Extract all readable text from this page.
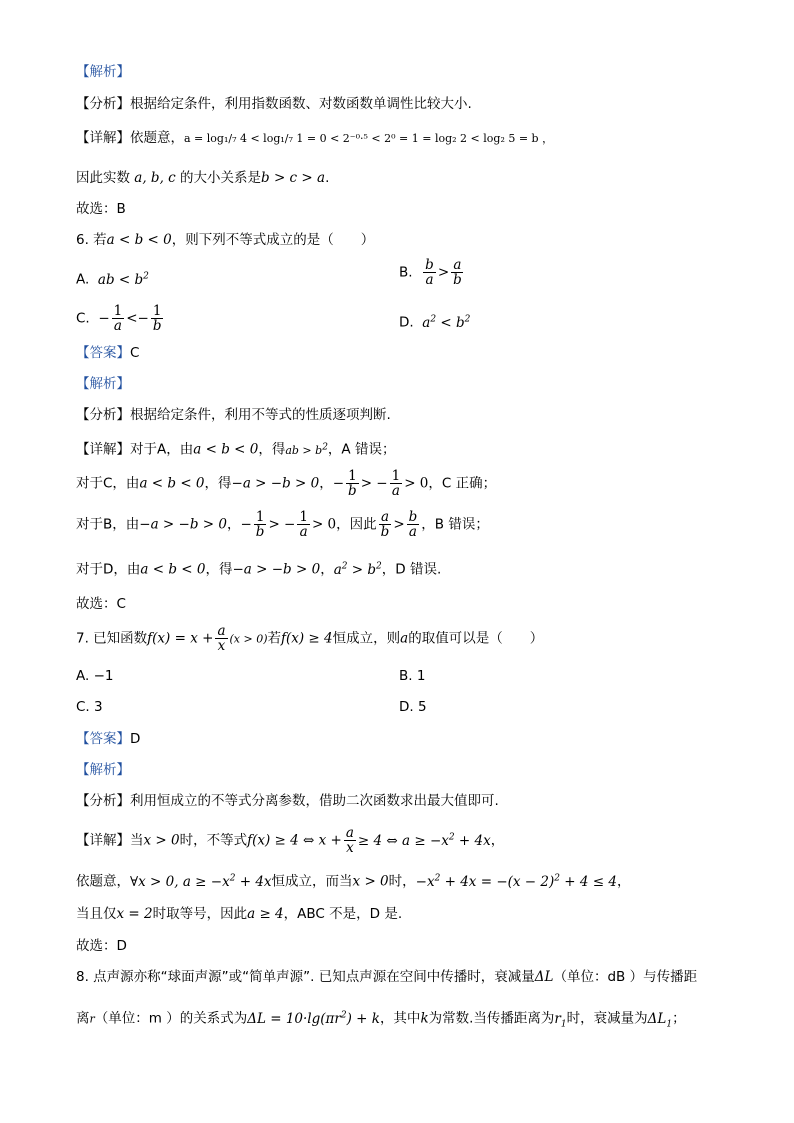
【解析】
【分析】根据给定条件，利用指数函数、对数函数单调性比较大小.
【详解】依题意，a = log₁/₇ 4 < log₁/₇ 1 = 0 < 2⁻⁰·⁵ < 2⁰ = 1 = log₂ 2 < log₂ 5 = b ，
因此实数 a, b, c 的大小关系是b > c > a.
故选：B
6. 若a < b < 0，则下列不等式成立的是（　　）
A. ab < $b^2$	B. $\frac{b}{a} > \frac{a}{b}$
C. − $\frac{1}{a} <- \frac{1}{b}$	D. $a^2 < b^2$
【答案】C
【解析】
【分析】根据给定条件，利用不等式的性质逐项判断.
【详解】对于A，由a < b < 0，得ab > $b^2$，A 错误；
对于C，由a < b < 0，得−a > −b > 0，− $\frac{1}{b}$ > − $\frac{1}{a} > 0$，C 正确；
对于B，由−a > −b > 0，− $\frac{1}{b}$ > − $\frac{1}{a} > 0$，因此 $\frac{a}{b} > \frac{b}{a}$ ，B 错误；
对于D，由a < b < 0，得−a > −b > 0，$a^2 > b^2$，D 错误.
故选：C
7. 已知函数$f(x) = x + \frac{a}{x} (x > 0)$若f(x) ≥ 4恒成立，则a的取值可以是（　　）
A. −1	B. 1
C. 3	D. 5
【答案】D
【解析】
【分析】利用恒成立的不等式分离参数，借助二次函数求出最大值即可.
【详解】当x > 0时，不等式f(x) ≥ 4 ⇔ $x + \frac{a}{x} \ge 4$ ⇔ $a \ge -x^2 + 4x$，
依题意，∀x > 0, $a \ge -x^2 + 4x$恒成立，而当x > 0时，$-x^2 + 4x = -(x - 2)^2 + 4 \le 4$，
当且仅x = 2时取等号，因此a ≥ 4，ABC 不是，D 是.
故选：D
8. 点声源亦称“球面声源”或“简单声源”. 已知点声源在空间中传播时，衰减量ΔL（单位：dB ）与传播距
离r（单位：m ）的关系式为$\Delta L = 10\cdot\lg(\pi r^2) + k$，其中k为常数.当传播距离为$r_1$时，衰减量为$\Delta L_1$；
